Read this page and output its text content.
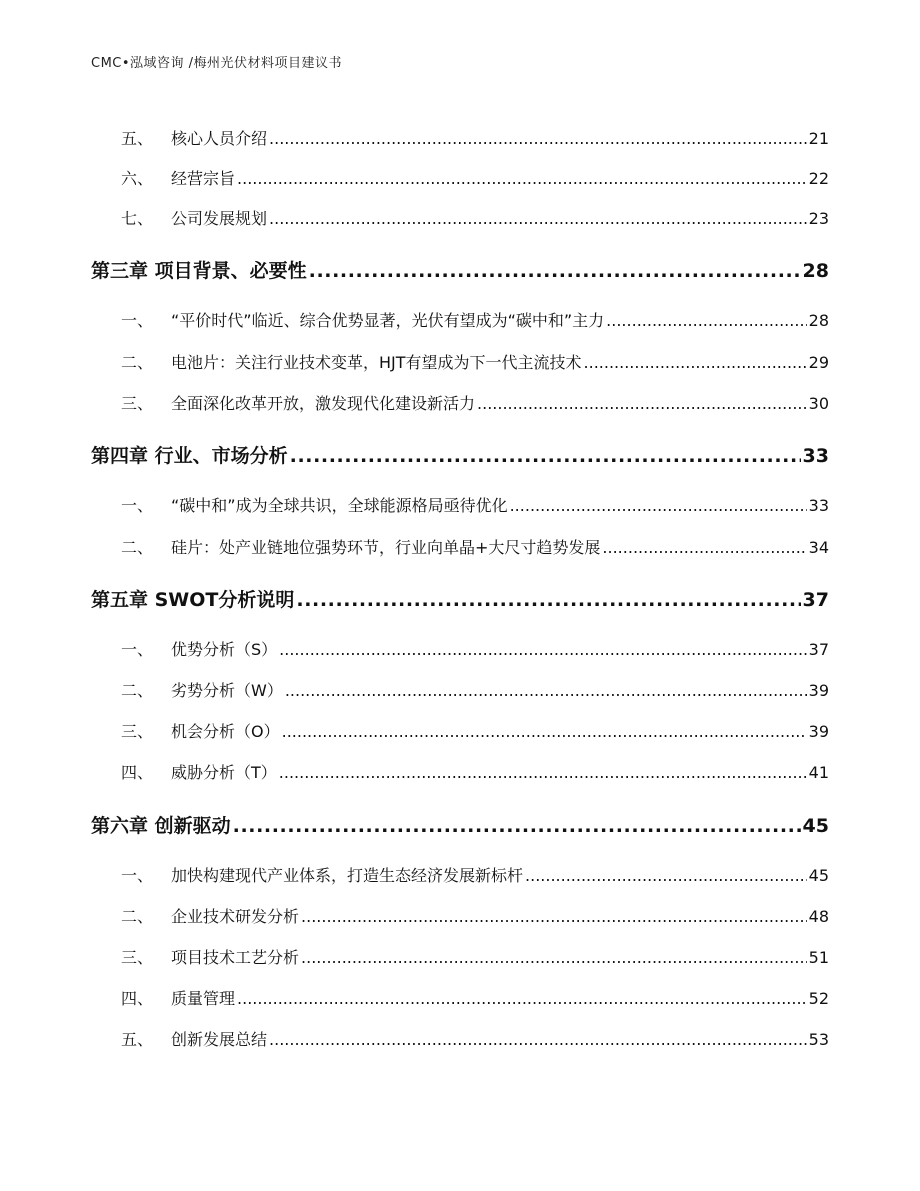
CMC•泓域咨询 /梅州光伏材料项目建议书
五、 核心人员介绍 .....	21
六、 经营宗旨 .....	22
七、 公司发展规划 .....	23
第三章 项目背景、必要性 .....	28
一、 “平价时代”临近、综合优势显著，光伏有望成为“碳中和”主力 .....	28
二、 电池片：关注行业技术变革，HJT有望成为下一代主流技术 .....	29
三、 全面深化改革开放，激发现代化建设新活力 .....	30
第四章 行业、市场分析 .....	33
一、 “碳中和”成为全球共识，全球能源格局亟待优化 .....	33
二、 硅片：处产业链地位强势环节，行业向单晶+大尺寸趋势发展 .....	34
第五章 SWOT分析说明 .....	37
一、 优势分析（S） .....	37
二、 劣势分析（W） .....	39
三、 机会分析（O） .....	39
四、 威胁分析（T） .....	41
第六章 创新驱动 .....	45
一、 加快构建现代产业体系，打造生态经济发展新标杆 .....	45
二、 企业技术研发分析 .....	48
三、 项目技术工艺分析 .....	51
四、 质量管理 .....	52
五、 创新发展总结 .....	53
